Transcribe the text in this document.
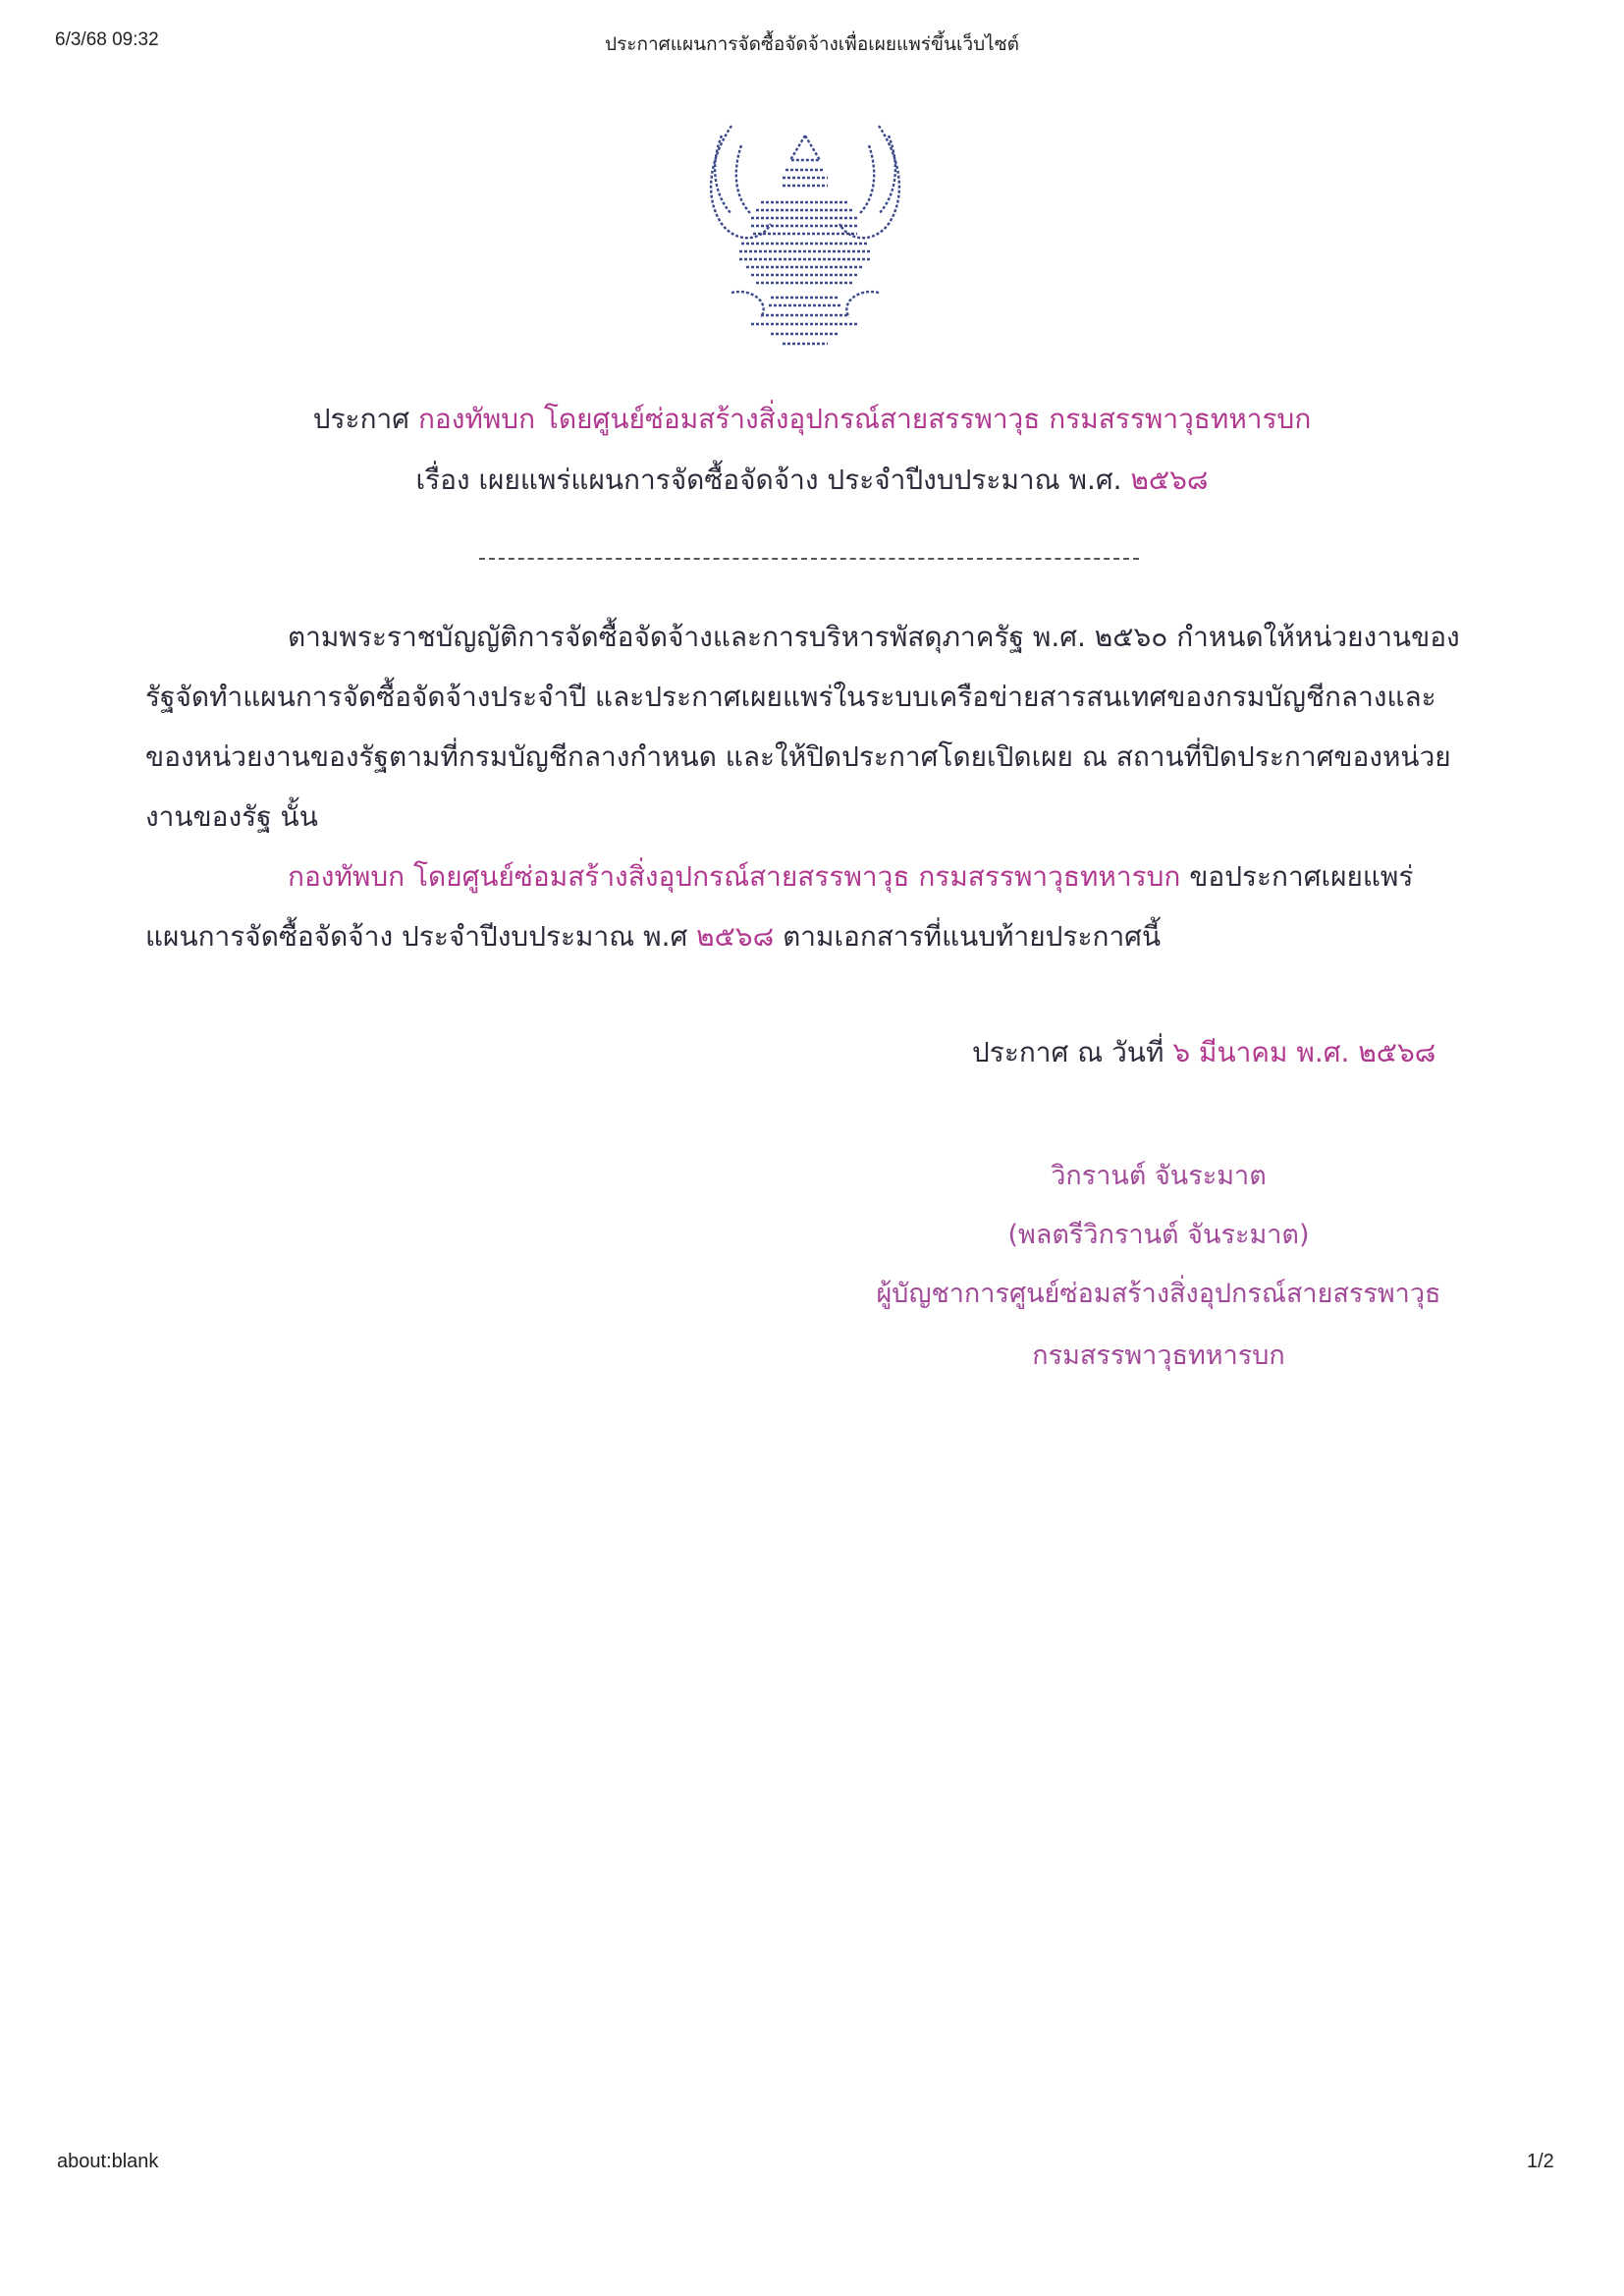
6/3/68 09:32	ประกาศแผนการจัดซื้อจัดจ้างเพื่อเผยแพร่ขึ้นเว็บไซต์
ประกาศ กองทัพบก โดยศูนย์ซ่อมสร้างสิ่งอุปกรณ์สายสรรพาวุธ กรมสรรพาวุธทหารบก
เรื่อง เผยแพร่แผนการจัดซื้อจัดจ้าง ประจำปีงบประมาณ พ.ศ. ๒๕๖๘
ตามพระราชบัญญัติการจัดซื้อจัดจ้างและการบริหารพัสดุภาครัฐ พ.ศ. ๒๕๖๐ กำหนดให้หน่วยงานของรัฐจัดทำแผนการจัดซื้อจัดจ้างประจำปี และประกาศเผยแพร่ในระบบเครือข่ายสารสนเทศของกรมบัญชีกลางและของหน่วยงานของรัฐตามที่กรมบัญชีกลางกำหนด และให้ปิดประกาศโดยเปิดเผย ณ สถานที่ปิดประกาศของหน่วยงานของรัฐ นั้น
กองทัพบก โดยศูนย์ซ่อมสร้างสิ่งอุปกรณ์สายสรรพาวุธ กรมสรรพาวุธทหารบก ขอประกาศเผยแพร่แผนการจัดซื้อจัดจ้าง ประจำปีงบประมาณ พ.ศ ๒๕๖๘ ตามเอกสารที่แนบท้ายประกาศนี้
ประกาศ ณ วันที่ ๖ มีนาคม พ.ศ. ๒๕๖๘
วิกรานต์ จันระมาต
(พลตรีวิกรานต์ จันระมาต)
ผู้บัญชาการศูนย์ซ่อมสร้างสิ่งอุปกรณ์สายสรรพาวุธ
กรมสรรพาวุธทหารบก
about:blank	1/2
